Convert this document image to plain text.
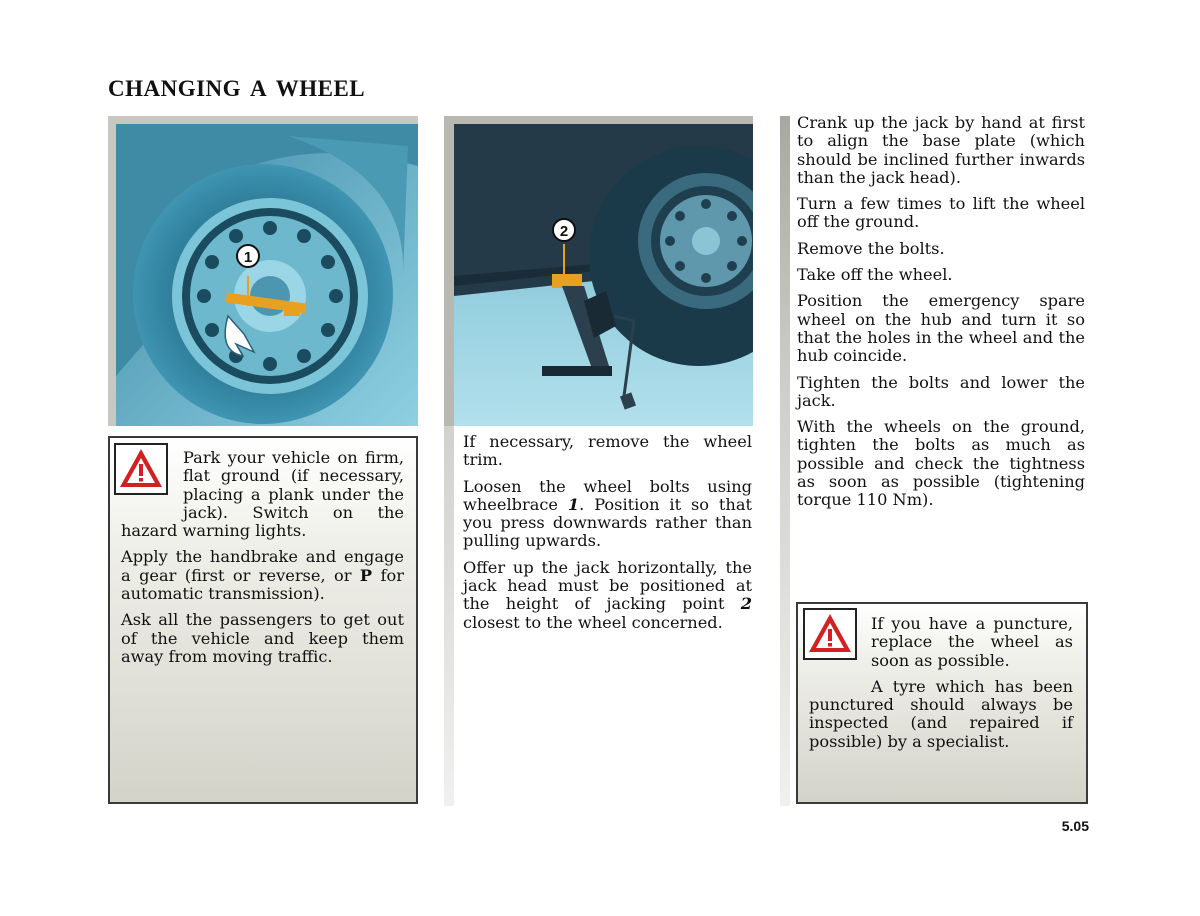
CHANGING A WHEEL
1

Park your vehicle on firm, flat ground (if necessary, placing a plank under the jack). Switch on the hazard warning lights.

Apply the handbrake and engage a gear (first or reverse, or P for automatic transmission).

Ask all the passengers to get out of the vehicle and keep them away from moving traffic.

2

If necessary, remove the wheel trim.

Loosen the wheel bolts using wheelbrace 1. Position it so that you press downwards rather than pulling upwards.

Offer up the jack horizontally, the jack head must be positioned at the height of jacking point 2 closest to the wheel concerned.

Crank up the jack by hand at first to align the base plate (which should be inclined further inwards than the jack head).

Turn a few times to lift the wheel off the ground.

Remove the bolts.

Take off the wheel.

Position the emergency spare wheel on the hub and turn it so that the holes in the wheel and the hub coincide.

Tighten the bolts and lower the jack.

With the wheels on the ground, tighten the bolts as much as possible and check the tightness as soon as possible (tightening torque 110 Nm).

If you have a puncture, replace the wheel as soon as possible.

A tyre which has been punctured should always be inspected (and repaired if possible) by a specialist.

5.05
